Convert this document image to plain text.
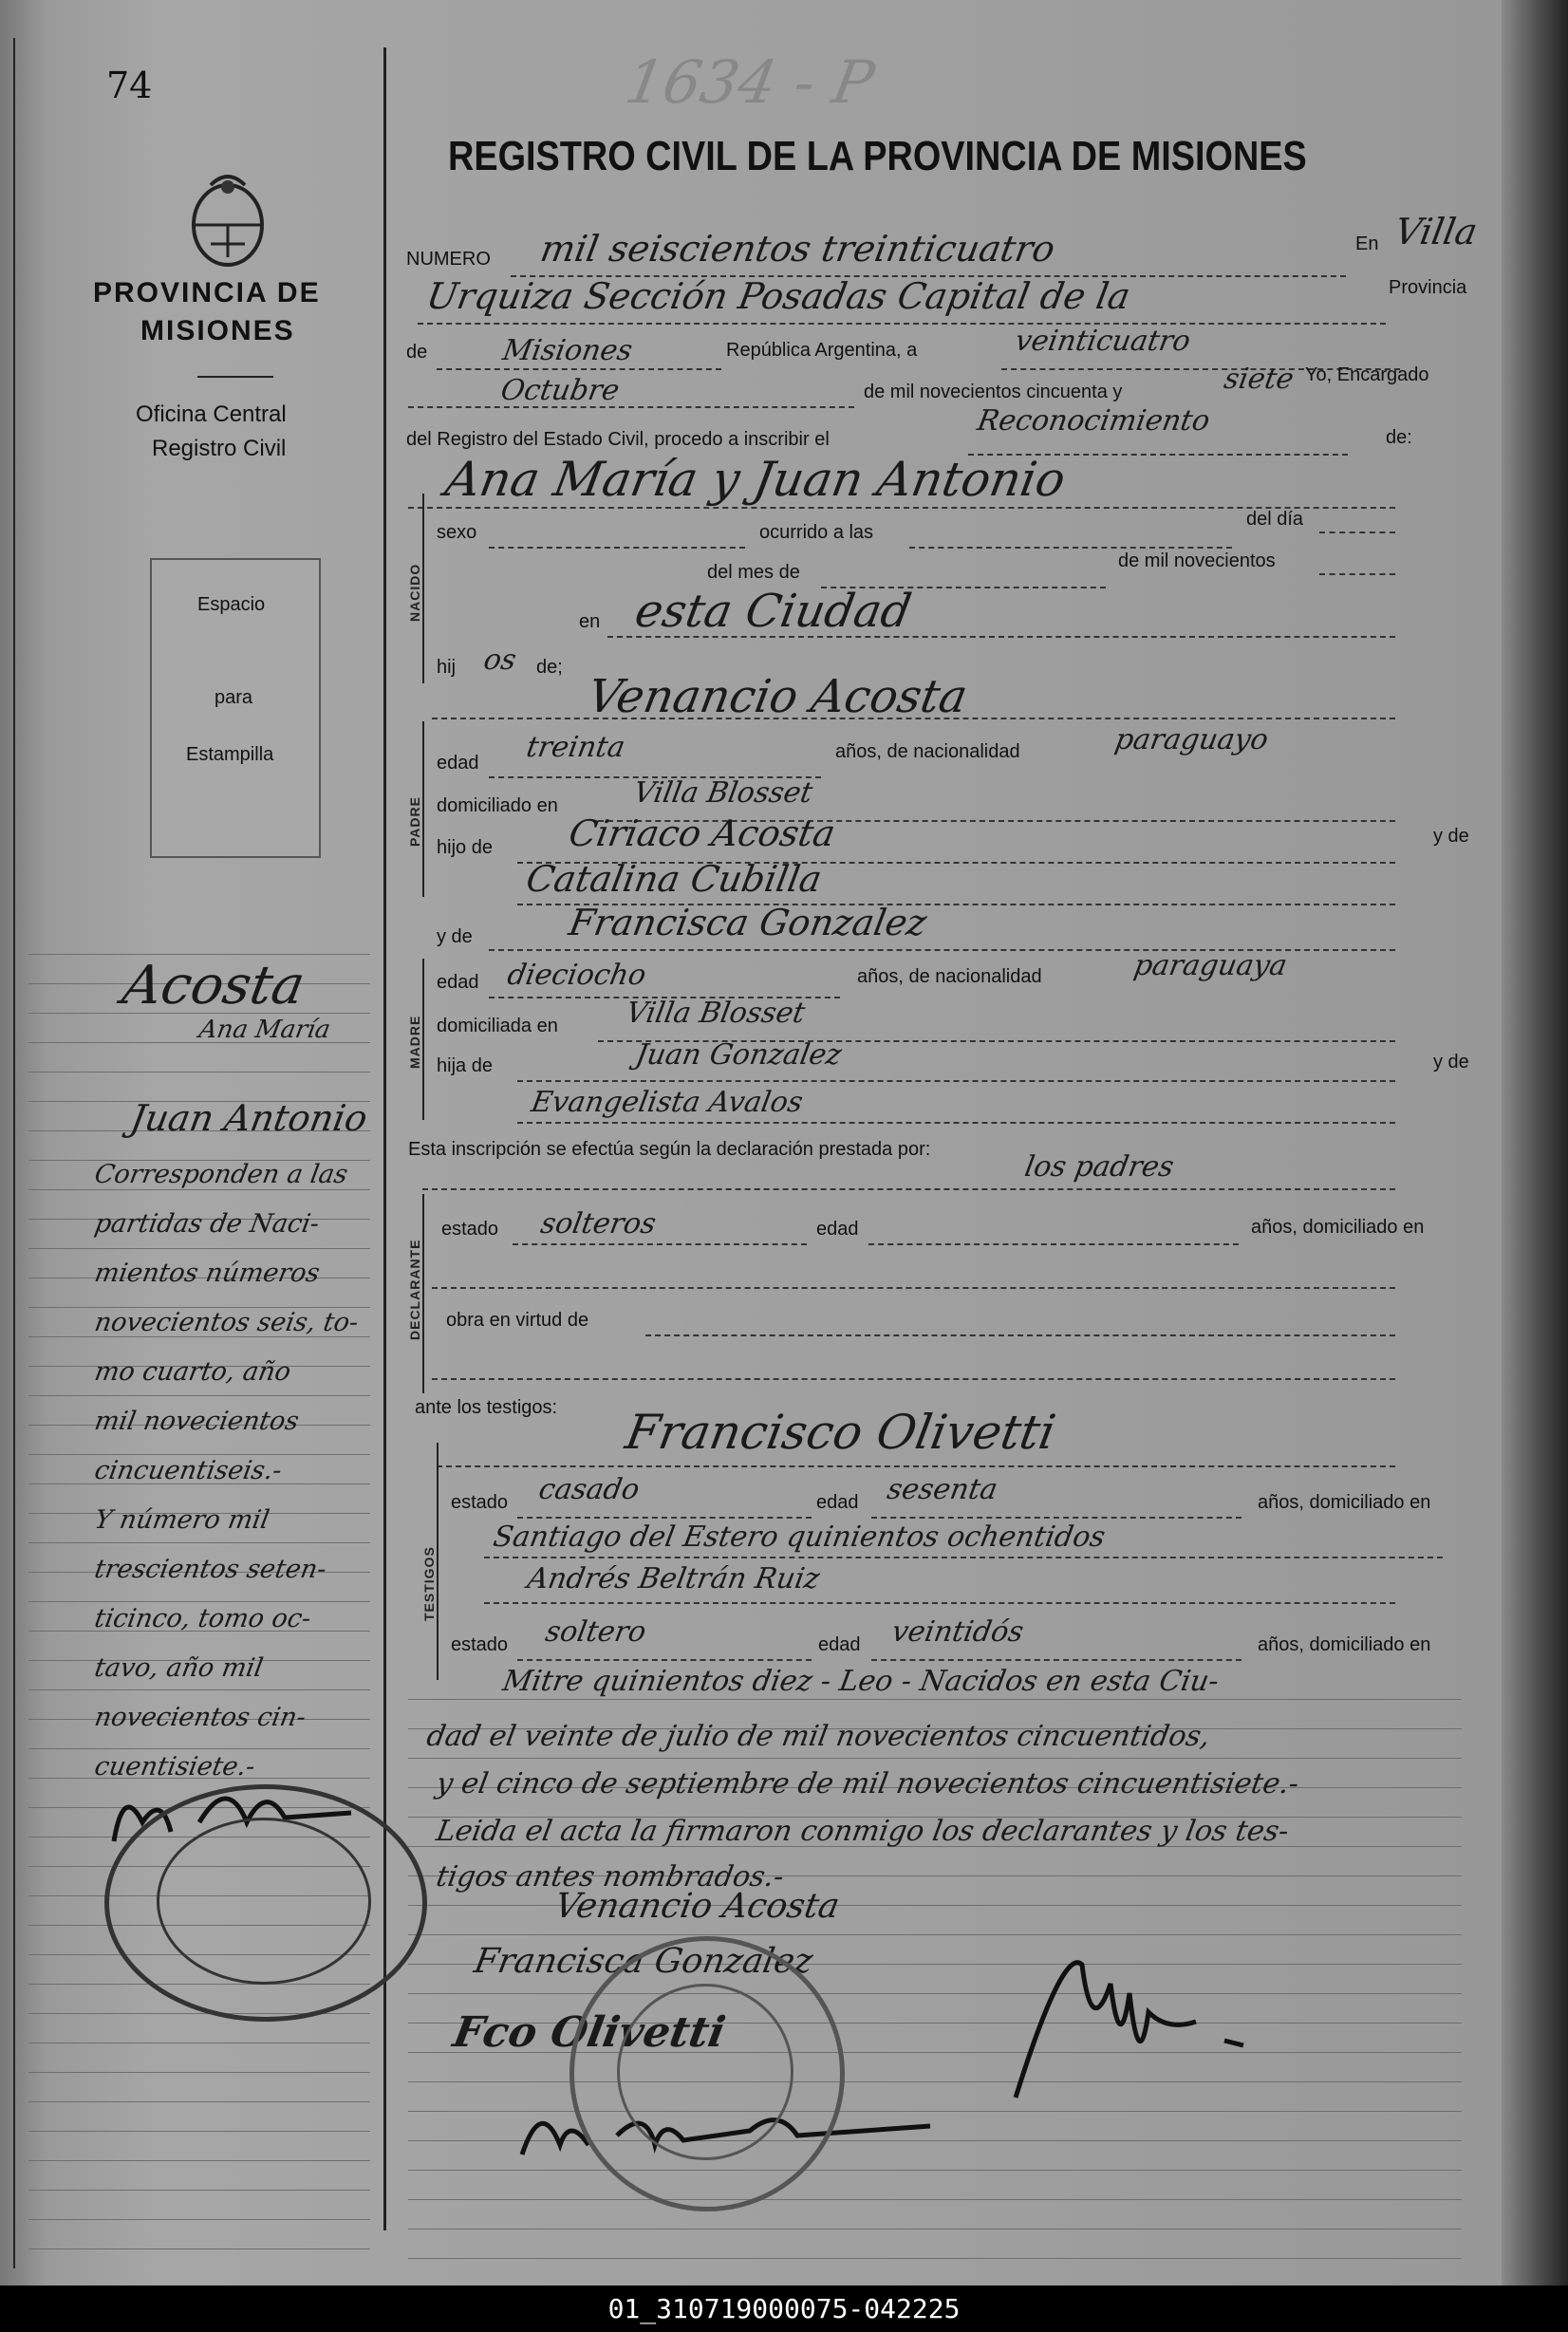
74	1634 - P
REGISTRO CIVIL DE LA PROVINCIA DE MISIONES
PROVINCIA DE
MISIONES
Oficina Central
Registro Civil
Espacio
para
Estampilla
Acosta
Ana María
Juan Antonio
Corresponden a las
partidas de Naci-
mientos números
novecientos seis, to-
mo cuarto, año
mil novecientos
cincuentiseis.-
Y número mil
trescientos seten-
ticinco, tomo oc-
tavo, año mil
novecientos cin-
cuentisiete.-
NUMERO mil seiscientos treinticuatro	En Villa
Urquiza Sección Posadas Capital de la	Provincia
de	Misiones	República Argentina, a	veinticuatro
Octubre	de mil novecientos cincuenta y	siete Yo, Encargado
del Registro del Estado Civil, procedo a inscribir el
Reconocimiento	de:
Ana María y Juan Antonio
NACIDO
sexo	ocurrido a las
del día
del mes de
de mil novecientos
en esta Ciudad
hij os de;
Venancio Acosta
PADRE
edad treinta	años, de nacionalidad	paraguayo
domiciliado en	Villa Blosset
hijo de Ciriaco Acosta	y de
Catalina Cubilla
y de	Francisca Gonzalez
MADRE
edad dieciocho	años, de nacionalidad	paraguaya
domiciliada en Villa Blosset
hija de	Juan Gonzalez	y de
Evangelista Avalos
Esta inscripción se efectúa según la declaración prestada por:
los padres
DECLARANTE
estado solteros	edad	años, domiciliado en
obra en virtud de
ante los testigos: Francisco Olivetti
TESTIGOS
estado casado	edad sesenta	años, domiciliado en
Santiago del Estero quinientos ochentidos
Andrés Beltrán Ruiz
estado soltero	edad veintidós	años, domiciliado en
Mitre quinientos diez - Leo - Nacidos en esta Ciu-
dad el veinte de julio de mil novecientos cincuentidos,
y el cinco de septiembre de mil novecientos cincuentisiete.-
Leida el acta la firmaron conmigo los declarantes y los tes-
tigos antes nombrados.-
Venancio Acosta
Francisca Gonzalez
Fco Olivetti
01_310719000075-042225
